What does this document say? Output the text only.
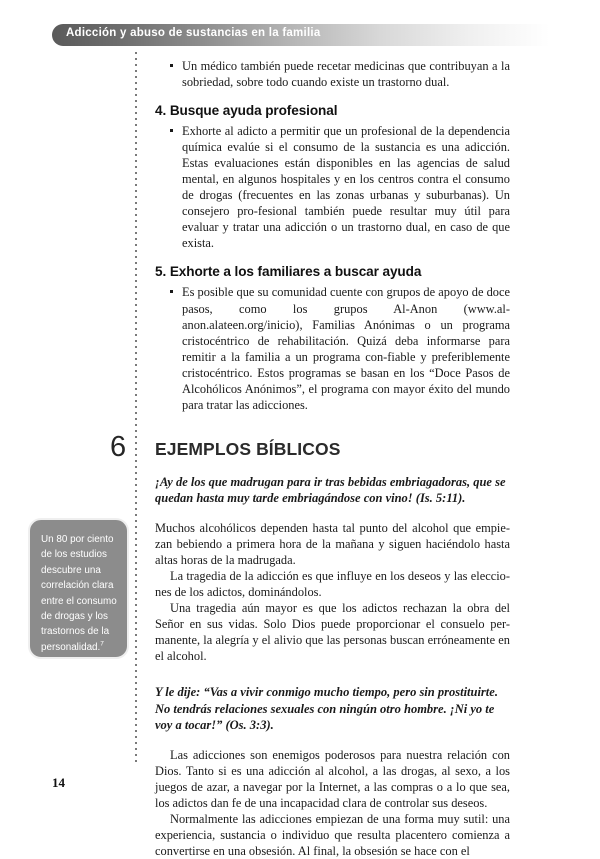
Adicción y abuso de sustancias en la familia
Un médico también puede recetar medicinas que contribuyan a la sobriedad, sobre todo cuando existe un trastorno dual.
4. Busque ayuda profesional
Exhorte al adicto a permitir que un profesional de la dependencia química evalúe si el consumo de la sustancia es una adicción. Estas evaluaciones están disponibles en las agencias de salud mental, en algunos hospitales y en los centros contra el consumo de drogas (frecuentes en las zonas urbanas y suburbanas). Un consejero pro-fesional también puede resultar muy útil para evaluar y tratar una adicción o un trastorno dual, en caso de que exista.
5. Exhorte a los familiares a buscar ayuda
Es posible que su comunidad cuente con grupos de apoyo de doce pasos, como los grupos Al-Anon (www.al-anon.alateen.org/inicio), Familias Anónimas o un programa cristocéntrico de rehabilitación. Quizá deba informarse para remitir a la familia a un programa con-fiable y preferiblemente cristocéntrico. Estos programas se basan en los “Doce Pasos de Alcohólicos Anónimos”, el programa con mayor éxito del mundo para tratar las adicciones.
6 EJEMPLOS BÍBLICOS

¡Ay de los que madrugan para ir tras bebidas embriagadoras, que se quedan hasta muy tarde embriagándose con vino! (Is. 5:11).

Muchos alcohólicos dependen hasta tal punto del alcohol que empie-zan bebiendo a primera hora de la mañana y siguen haciéndolo hasta altas horas de la madrugada.

La tragedia de la adicción es que influye en los deseos y las eleccio-nes de los adictos, dominándolos.

Una tragedia aún mayor es que los adictos rechazan la obra del Señor en sus vidas. Solo Dios puede proporcionar el consuelo per-manente, la alegría y el alivio que las personas buscan erróneamente en el alcohol.

Y le dije: “Vas a vivir conmigo mucho tiempo, pero sin prostituirte. No tendrás relaciones sexuales con ningún otro hombre. ¡Ni yo te voy a tocar!” (Os. 3:3).

Las adicciones son enemigos poderosos para nuestra relación con Dios. Tanto si es una adicción al alcohol, a las drogas, al sexo, a los juegos de azar, a navegar por la Internet, a las compras o a lo que sea, los adictos dan fe de una incapacidad clara de controlar sus deseos.

Normalmente las adicciones empiezan de una forma muy sutil: una experiencia, sustancia o individuo que resulta placentero comienza a convertirse en una obsesión. Al final, la obsesión se hace con el

Un 80 por ciento de los estudios descubre una correlación clara entre el consumo de drogas y los trastornos de la personalidad.$^7$
14
